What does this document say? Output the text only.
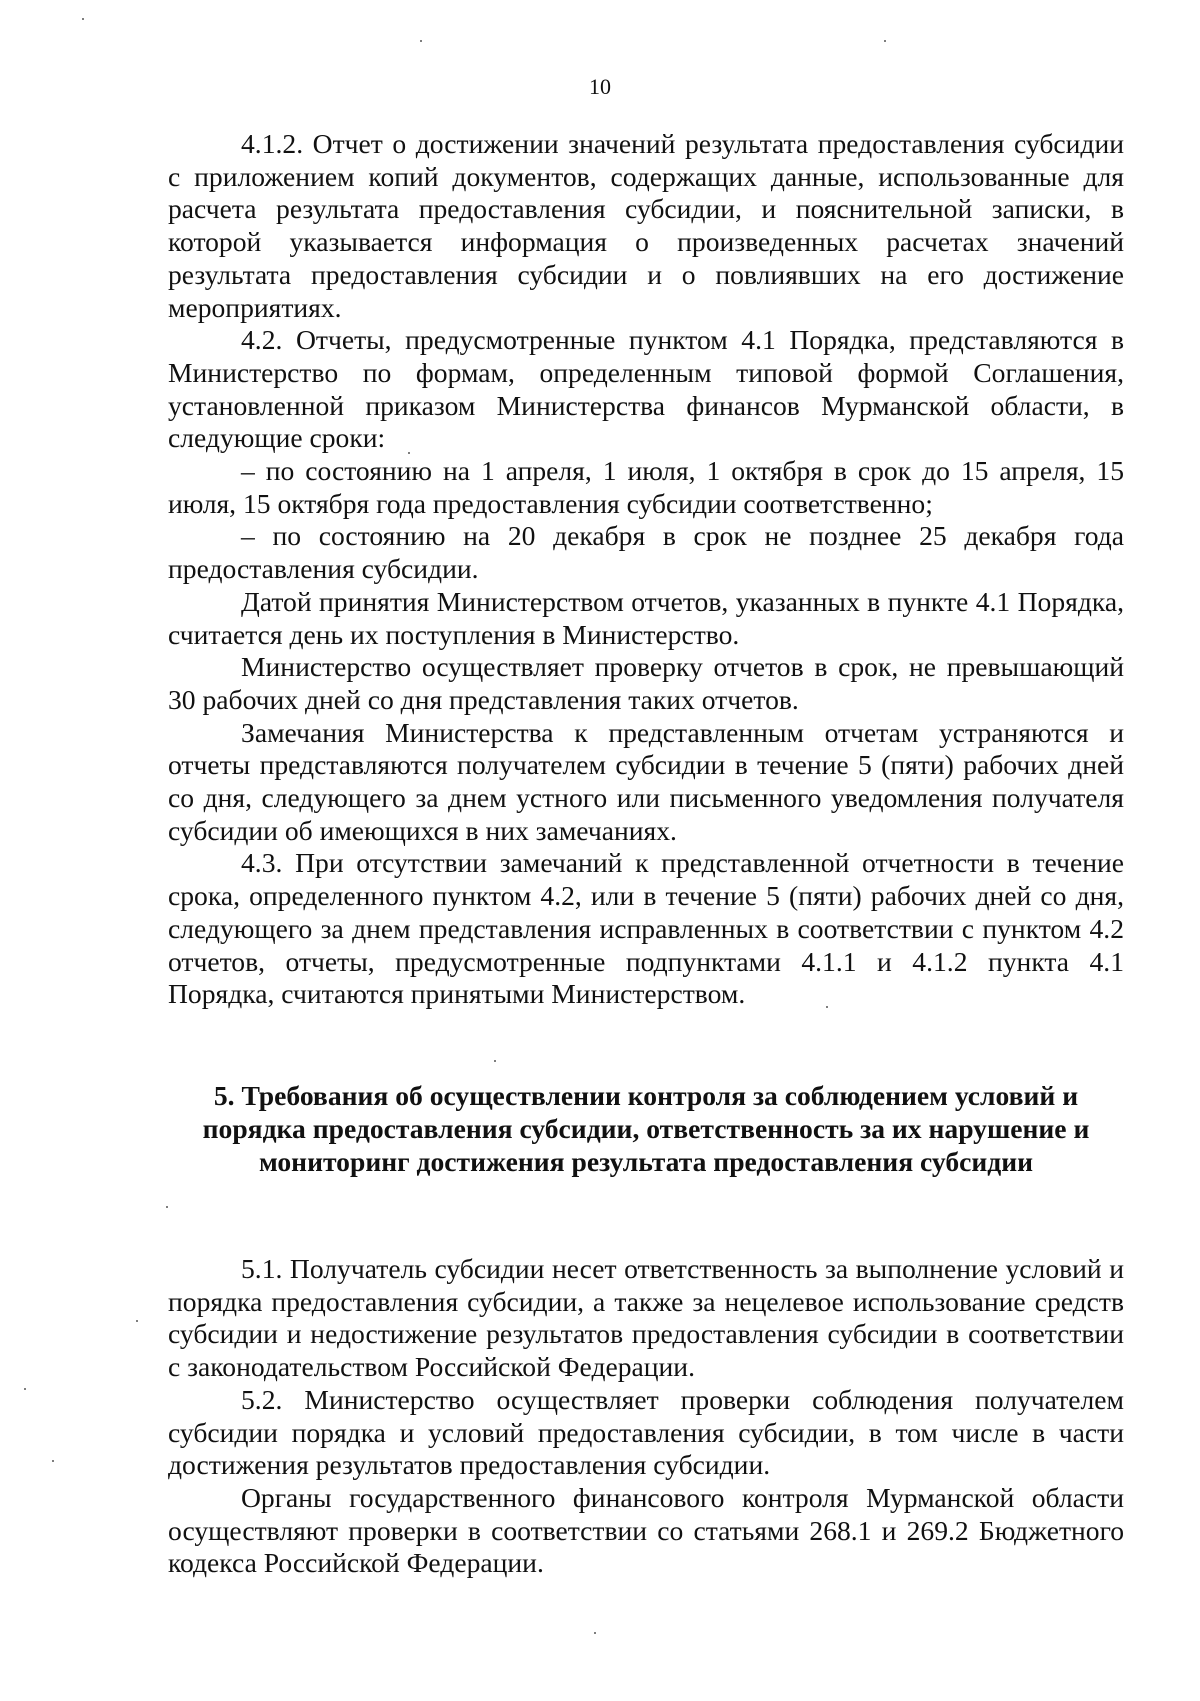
10

4.1.2. Отчет о достижении значений результата предоставления субсидии с приложением копий документов, содержащих данные, использованные для расчета результата предоставления субсидии, и пояснительной записки, в которой указывается информация о произведенных расчетах значений результата предоставления субсидии и о повлиявших на его достижение мероприятиях.

4.2. Отчеты, предусмотренные пунктом 4.1 Порядка, представляются в Министерство по формам, определенным типовой формой Соглашения, установленной приказом Министерства финансов Мурманской области, в следующие сроки:

– по состоянию на 1 апреля, 1 июля, 1 октября в срок до 15 апреля, 15 июля, 15 октября года предоставления субсидии соответственно;

– по состоянию на 20 декабря в срок не позднее 25 декабря года предоставления субсидии.

Датой принятия Министерством отчетов, указанных в пункте 4.1 Порядка, считается день их поступления в Министерство.

Министерство осуществляет проверку отчетов в срок, не превышающий 30 рабочих дней со дня представления таких отчетов.

Замечания Министерства к представленным отчетам устраняются и отчеты представляются получателем субсидии в течение 5 (пяти) рабочих дней со дня, следующего за днем устного или письменного уведомления получателя субсидии об имеющихся в них замечаниях.

4.3. При отсутствии замечаний к представленной отчетности в течение срока, определенного пунктом 4.2, или в течение 5 (пяти) рабочих дней со дня, следующего за днем представления исправленных в соответствии с пунктом 4.2 отчетов, отчеты, предусмотренные подпунктами 4.1.1 и 4.1.2 пункта 4.1 Порядка, считаются принятыми Министерством.

5. Требования об осуществлении контроля за соблюдением условий и порядка предоставления субсидии, ответственность за их нарушение и мониторинг достижения результата предоставления субсидии

5.1. Получатель субсидии несет ответственность за выполнение условий и порядка предоставления субсидии, а также за нецелевое использование средств субсидии и недостижение результатов предоставления субсидии в соответствии с законодательством Российской Федерации.

5.2. Министерство осуществляет проверки соблюдения получателем субсидии порядка и условий предоставления субсидии, в том числе в части достижения результатов предоставления субсидии.

Органы государственного финансового контроля Мурманской области осуществляют проверки в соответствии со статьями 268.1 и 269.2 Бюджетного кодекса Российской Федерации.
